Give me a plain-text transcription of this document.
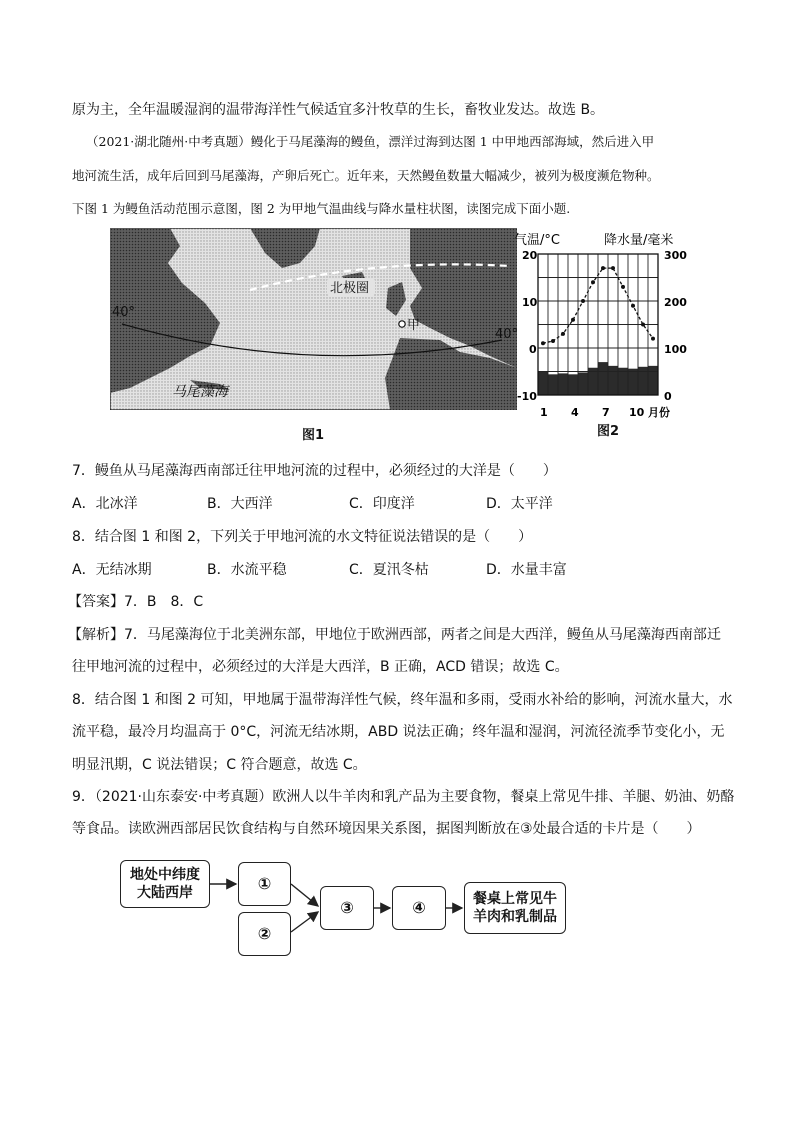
原为主，全年温暖湿润的温带海洋性气候适宜多汁牧草的生长，畜牧业发达。故选 B。
（2021·湖北随州·中考真题）鳗化于马尾藻海的鳗鱼，漂洋过海到达图 1 中甲地西部海域，然后进入甲
地河流生活，成年后回到马尾藻海，产卵后死亡。近年来，天然鳗鱼数量大幅减少，被列为极度濒危物种。
下图 1 为鳗鱼活动范围示意图，图 2 为甲地气温曲线与降水量柱状图，读图完成下面小题.
北极圈
40°
40°
甲
马尾藻海
图1
气温/°C	降水量/毫米
20
10
0
-10
300
200
100
0
1 4 7 10 月份
图2
7．鳗鱼从马尾藻海西南部迁往甲地河流的过程中，必须经过的大洋是（　　）
A．北冰洋	B．大西洋	C．印度洋	D．太平洋
8．结合图 1 和图 2，下列关于甲地河流的水文特征说法错误的是（　　）
A．无结冰期	B．水流平稳	C．夏汛冬枯	D．水量丰富
【答案】7．B　8．C
【解析】7．马尾藻海位于北美洲东部，甲地位于欧洲西部，两者之间是大西洋，鳗鱼从马尾藻海西南部迁
往甲地河流的过程中，必须经过的大洋是大西洋，B 正确，ACD 错误；故选 C。
8．结合图 1 和图 2 可知，甲地属于温带海洋性气候，终年温和多雨，受雨水补给的影响，河流水量大，水
流平稳，最冷月均温高于 0°C，河流无结冰期，ABD 说法正确；终年温和湿润，河流径流季节变化小，无
明显汛期，C 说法错误；C 符合题意，故选 C。
9．（2021·山东泰安·中考真题）欧洲人以牛羊肉和乳产品为主要食物，餐桌上常见牛排、羊腿、奶油、奶酪
等食品。读欧洲西部居民饮食结构与自然环境因果关系图，据图判断放在③处最合适的卡片是（　　）
地处中纬度
大陆西岸	①
②
③	④	餐桌上常见牛
羊肉和乳制品
